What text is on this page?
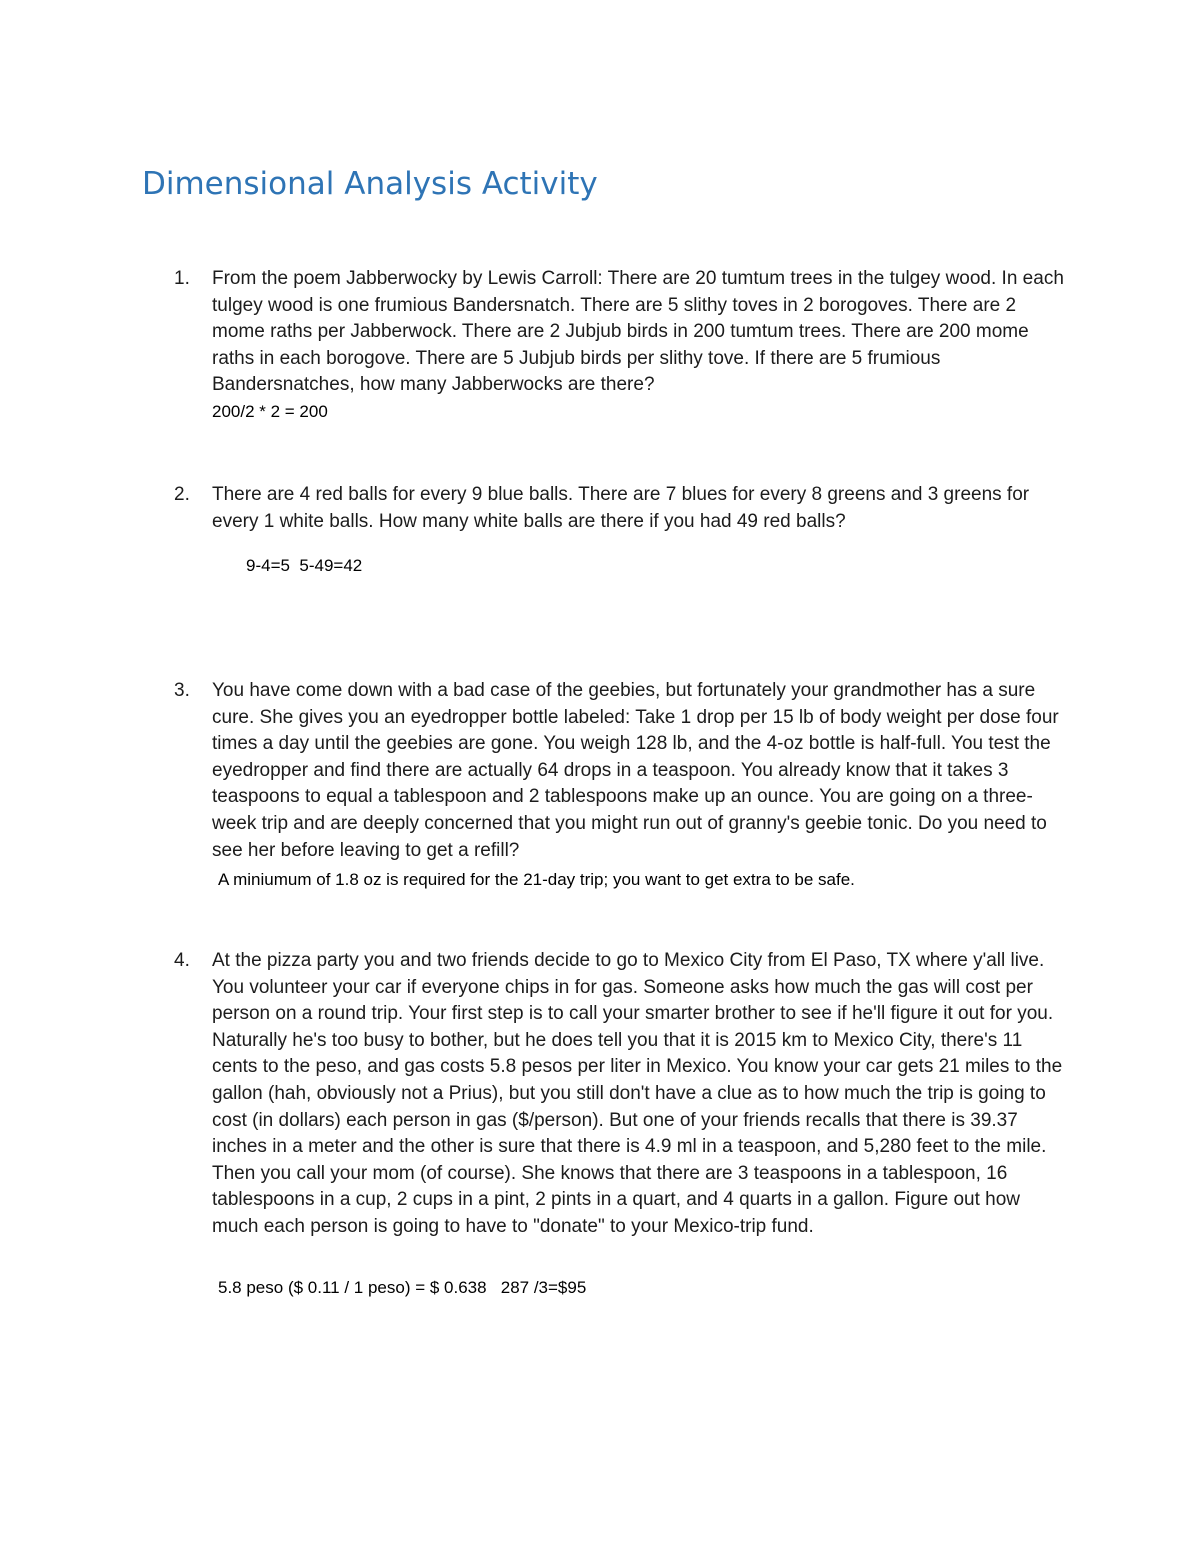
Dimensional Analysis Activity
1. From the poem Jabberwocky by Lewis Carroll: There are 20 tumtum trees in the tulgey wood. In each tulgey wood is one frumious Bandersnatch. There are 5 slithy toves in 2 borogoves. There are 2 mome raths per Jabberwock. There are 2 Jubjub birds in 200 tumtum trees. There are 200 mome raths in each borogove. There are 5 Jubjub birds per slithy tove. If there are 5 frumious Bandersnatches, how many Jabberwocks are there?

200/2 * 2 = 200

2. There are 4 red balls for every 9 blue balls. There are 7 blues for every 8 greens and 3 greens for every 1 white balls. How many white balls are there if you had 49 red balls?

9-4=5  5-49=42

3. You have come down with a bad case of the geebies, but fortunately your grandmother has a sure cure. She gives you an eyedropper bottle labeled: Take 1 drop per 15 lb of body weight per dose four times a day until the geebies are gone. You weigh 128 lb, and the 4-oz bottle is half-full. You test the eyedropper and find there are actually 64 drops in a teaspoon. You already know that it takes 3 teaspoons to equal a tablespoon and 2 tablespoons make up an ounce. You are going on a three-week trip and are deeply concerned that you might run out of granny's geebie tonic. Do you need to see her before leaving to get a refill?

A miniumum of 1.8 oz is required for the 21-day trip; you want to get extra to be safe.

4. At the pizza party you and two friends decide to go to Mexico City from El Paso, TX where y'all live. You volunteer your car if everyone chips in for gas. Someone asks how much the gas will cost per person on a round trip. Your first step is to call your smarter brother to see if he'll figure it out for you. Naturally he's too busy to bother, but he does tell you that it is 2015 km to Mexico City, there's 11 cents to the peso, and gas costs 5.8 pesos per liter in Mexico. You know your car gets 21 miles to the gallon (hah, obviously not a Prius), but you still don't have a clue as to how much the trip is going to cost (in dollars) each person in gas ($/person). But one of your friends recalls that there is 39.37 inches in a meter and the other is sure that there is 4.9 ml in a teaspoon, and 5,280 feet to the mile. Then you call your mom (of course). She knows that there are 3 teaspoons in a tablespoon, 16 tablespoons in a cup, 2 cups in a pint, 2 pints in a quart, and 4 quarts in a gallon. Figure out how much each person is going to have to "donate" to your Mexico-trip fund.

5.8 peso ($ 0.11 / 1 peso) = $ 0.638   287 /3=$95
